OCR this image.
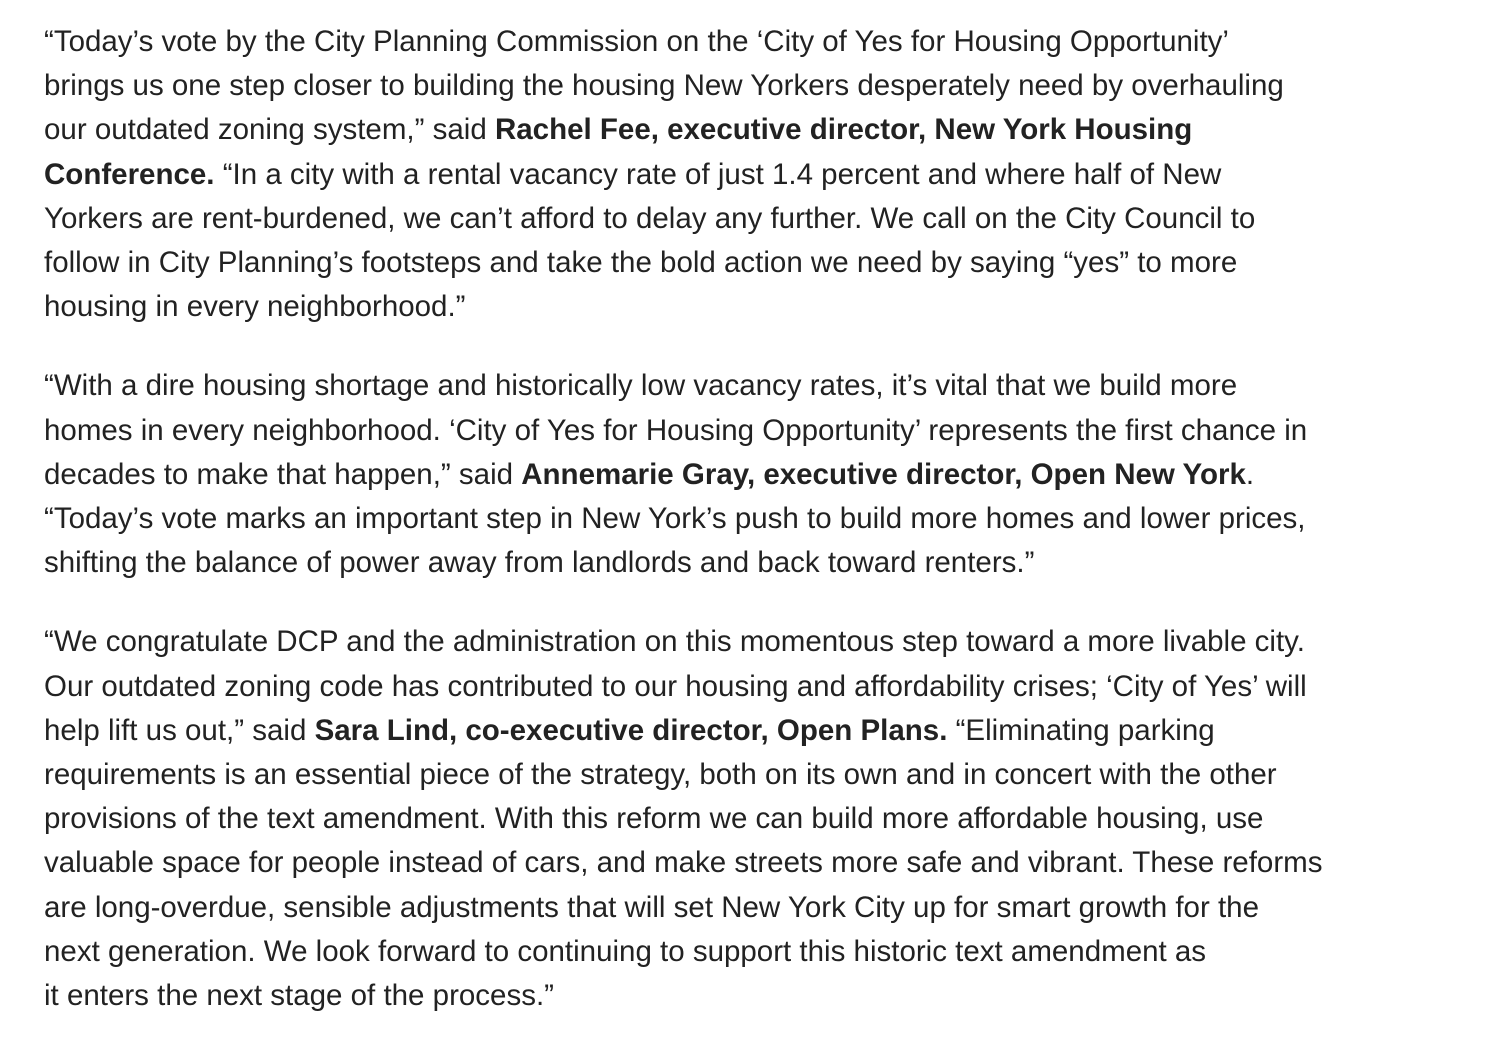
“Today’s vote by the City Planning Commission on the ‘City of Yes for Housing Opportunity’
brings us one step closer to building the housing New Yorkers desperately need by overhauling
our outdated zoning system,” said Rachel Fee, executive director, New York Housing
Conference. “In a city with a rental vacancy rate of just 1.4 percent and where half of New
Yorkers are rent-burdened, we can’t afford to delay any further. We call on the City Council to
follow in City Planning’s footsteps and take the bold action we need by saying “yes” to more
housing in every neighborhood.”

“With a dire housing shortage and historically low vacancy rates, it’s vital that we build more
homes in every neighborhood. ‘City of Yes for Housing Opportunity’ represents the first chance in
decades to make that happen,” said Annemarie Gray, executive director, Open New York.
“Today’s vote marks an important step in New York’s push to build more homes and lower prices,
shifting the balance of power away from landlords and back toward renters.”

“We congratulate DCP and the administration on this momentous step toward a more livable city.
Our outdated zoning code has contributed to our housing and affordability crises; ‘City of Yes’ will
help lift us out,” said Sara Lind, co-executive director, Open Plans. “Eliminating parking
requirements is an essential piece of the strategy, both on its own and in concert with the other
provisions of the text amendment. With this reform we can build more affordable housing, use
valuable space for people instead of cars, and make streets more safe and vibrant. These reforms
are long-overdue, sensible adjustments that will set New York City up for smart growth for the
next generation. We look forward to continuing to support this historic text amendment as
it enters the next stage of the process.”
